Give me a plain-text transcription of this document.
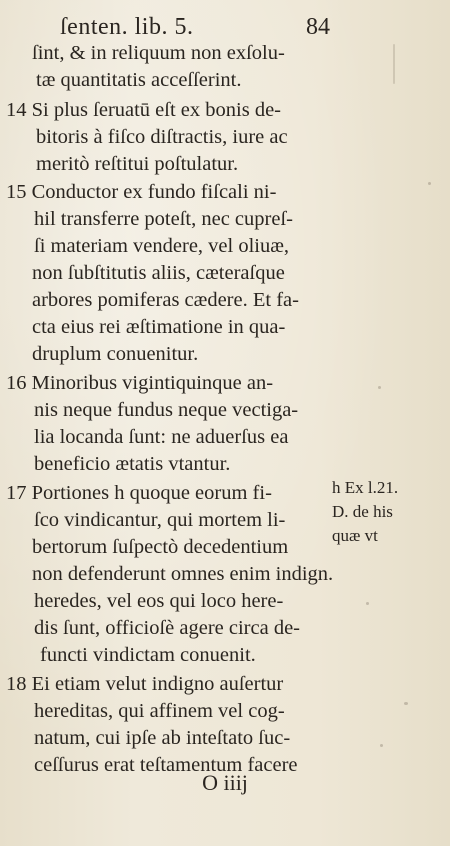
ſenten. lib. 5.	84
ſint, & in reliquum non exſolu-
tæ quantitatis acceſſerint.
14 Si plus ſeruatū eſt ex bonis de-
bitoris à fiſco diſtractis, iure ac
meritò reſtitui poſtulatur.
15 Conductor ex fundo fiſcali ni-
hil transferre poteſt, nec cupreſ-
ſi materiam vendere, vel oliuæ,
non ſubſtitutis aliis, cæteraſque
arbores pomiferas cædere. Et fa-
cta eius rei æſtimatione in qua-
druplum conuenitur.
16 Minoribus vigintiquinque an-
nis neque fundus neque vectiga-
lia locanda ſunt: ne aduerſus ea
beneficio ætatis vtantur.
17 Portiones h quoque eorum fi-
ſco vindicantur, qui mortem li-
bertorum ſuſpectò decedentium
non defenderunt omnes enim indign.
heredes, vel eos qui loco here-
dis ſunt, officioſè agere circa de-
functi vindictam conuenit.
18 Ei etiam velut indigno auſertur
hereditas, qui affinem vel cog-
natum, cui ipſe ab inteſtato ſuc-
ceſſurus erat teſtamentum facere
h Ex l.21.
D. de his
quæ vt
O iiij
